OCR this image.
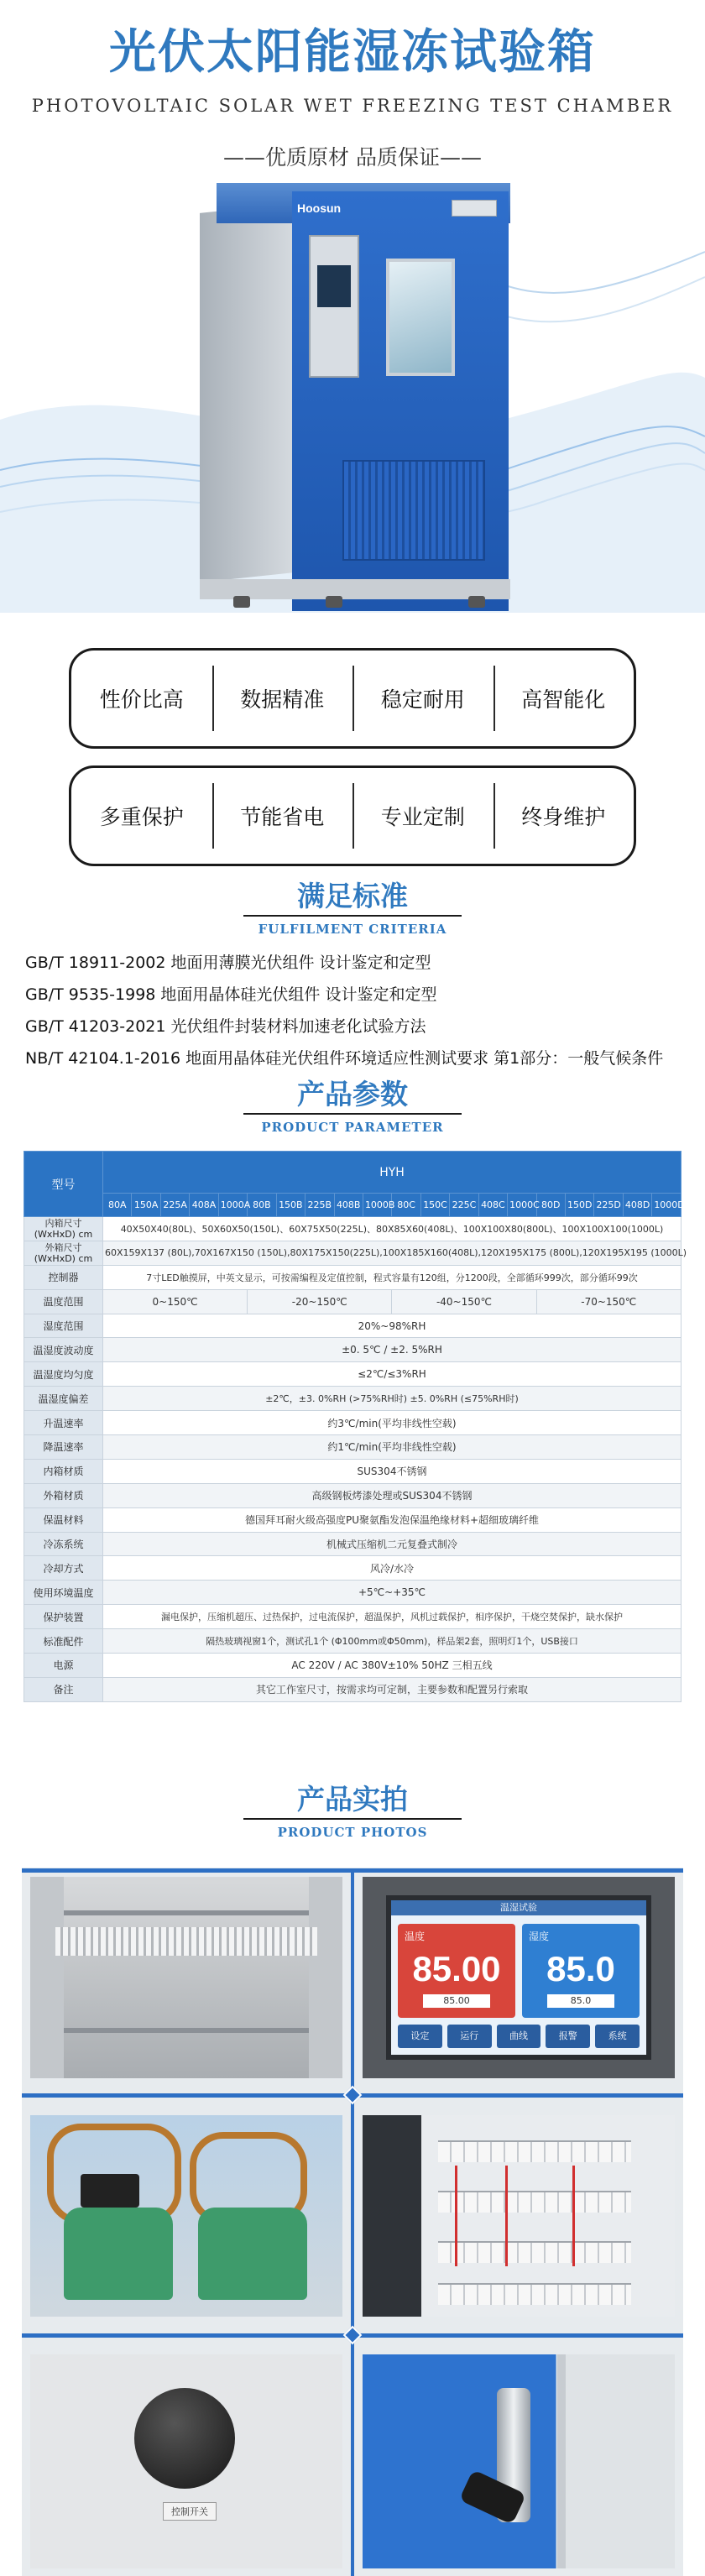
光伏太阳能湿冻试验箱
PHOTOVOLTAIC SOLAR WET FREEZING TEST CHAMBER
——优质原材 品质保证——
Hoosun
性价比高	数据精准	稳定耐用	高智能化
多重保护	节能省电	专业定制	终身维护
满足标准
FULFILMENT CRITERIA
GB/T 18911-2002 地面用薄膜光伏组件 设计鉴定和定型
GB/T 9535-1998 地面用晶体硅光伏组件 设计鉴定和定型
GB/T 41203-2021 光伏组件封装材料加速老化试验方法
NB/T 42104.1-2016 地面用晶体硅光伏组件环境适应性测试要求 第1部分：一般气候条件
产品参数
PRODUCT PARAMETER
型号	HYH																			
	80A	150A	225A	408A	1000A	80B	150B	225B	408B	1000B	80C	150C	225C	408C	1000C	80D	150D	225D	408D	1000D
内箱尺寸(WxHxD) cm	40X50X40(80L)、50X60X50(150L)、60X75X50(225L)、80X85X60(408L)、100X100X80(800L)、100X100X100(1000L)																			
外箱尺寸(WxHxD) cm	60X159X137 (80L),70X167X150 (150L),80X175X150(225L),100X185X160(408L),120X195X175 (800L),120X195X195 (1000L)																			
控制器	7寸LED触摸屏，中英文显示，可按需编程及定值控制，程式容量有120组，分1200段，全部循环999次，部分循环99次																			
温度范围	0~150℃					-20~150℃					-40~150℃					-70~150℃				
湿度范围	20%~98%RH																			
温湿度波动度	±0. 5℃ / ±2. 5%RH																			
温湿度均匀度	≤2℃/≤3%RH																			
温湿度偏差	±2℃，±3. 0%RH (>75%RH时) ±5. 0%RH (≤75%RH时)																			
升温速率	约3℃/min(平均非线性空载)																			
降温速率	约1℃/min(平均非线性空载)																			
内箱材质	SUS304不锈钢																			
外箱材质	高级钢板烤漆处理或SUS304不锈钢																			
保温材料	德国拜耳耐火级高强度PU聚氨酯发泡保温绝缘材料+超细玻璃纤维																			
冷冻系统	机械式压缩机二元复叠式制冷																			
冷却方式	风冷/水冷																			
使用环境温度	+5℃~+35℃																			
保护装置	漏电保护，压缩机超压、过热保护，过电流保护，超温保护，风机过载保护，相序保护，干烧空焚保护，缺水保护																			
标准配件	隔热玻璃视窗1个，测试孔1个 (Φ100mm或Φ50mm)，样品架2套，照明灯1个，USB接口																			
电源	AC 220V / AC 380V±10% 50HZ 三相五线																			
备注	其它工作室尺寸，按需求均可定制，主要参数和配置另行索取																			
产品实拍
PRODUCT PHOTOS
温湿试验
温度
85.00
85.00
湿度
85.0
85.0
设定	运行	曲线	报警	系统
控制开关
